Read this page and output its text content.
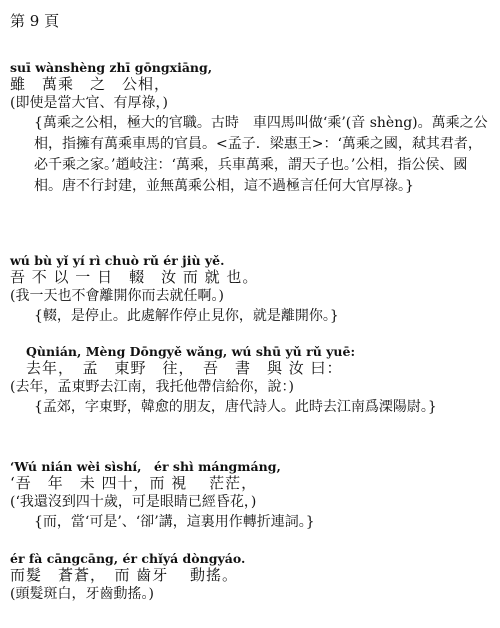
第 9 頁
suī wànshèng zhī gōngxiāng,
雖　萬乘　之　公相，
(即使是當大官、有厚祿，)
{萬乘之公相，極大的官職。古時　車四馬叫做‘乘’(音 shèng)。萬乘之公相，指擁有萬乘車馬的官員。<孟子．梁惠王>：‘萬乘之國，弒其君者，必千乘之家。’趙岐注：‘萬乘，兵車萬乘，謂天子也。’公相，指公侯、國相。唐不行封建，並無萬乘公相，這不過極言任何大官厚祿。}
wú bù yǐ yí rì chuò rǔ ér jiù yě.
吾 不 以 一 日　輟　汝 而 就 也。
(我一天也不會離開你而去就任啊。)
{輟，是停止。此處解作停止見你，就是離開你。}
Qùnián, Mèng Dōngyě wǎng, wú shū yǔ rǔ yuē:
去年，　孟　東野　往，　吾　書　與 汝 曰：
(去年，孟東野去江南，我托他帶信給你，說：)
{孟郊，字東野，韓愈的朋友，唐代詩人。此時去江南爲溧陽尉。}
‘Wú nián wèi sìshí,　ér shì mángmáng,
‘吾　年　未 四十，而 視　 茫茫，
(‘我還沒到四十歲，可是眼睛已經昏花，)
{而，當‘可是’、‘卻’講，這裏用作轉折連詞。}
ér fà cāngcāng, ér chǐyá dòngyáo.
而髮　蒼蒼，　而 齒牙　 動搖。
(頭髮斑白，牙齒動搖。)
